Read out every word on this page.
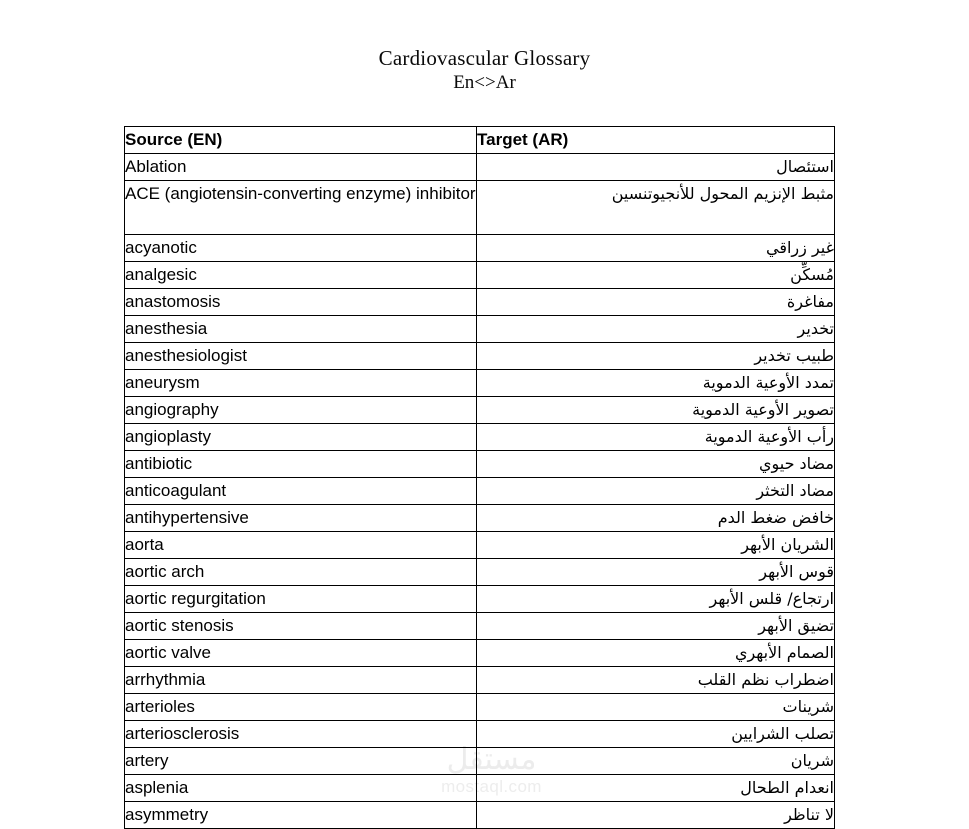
Cardiovascular Glossary
En<>Ar
مستقل
mostaql.com
Source (EN)	Target (AR)
Ablation	استئصال
ACE (angiotensin-converting enzyme) inhibitor	مثبط الإنزيم المحول للأنجيوتنسين
acyanotic	غير زراقي
analgesic	مُسكِّن
anastomosis	مفاغرة
anesthesia	تخدير
anesthesiologist	طبيب تخدير
aneurysm	تمدد الأوعية الدموية
angiography	تصوير الأوعية الدموية
angioplasty	رأب الأوعية الدموية
antibiotic	مضاد حيوي
anticoagulant	مضاد التخثر
antihypertensive	خافض ضغط الدم
aorta	الشريان الأبهر
aortic arch	قوس الأبهر
aortic regurgitation	ارتجاع/ قلس الأبهر
aortic stenosis	تضيق الأبهر
aortic valve	الصمام الأبهري
arrhythmia	اضطراب نظم القلب
arterioles	شرينات
arteriosclerosis	تصلب الشرايين
artery	شريان
asplenia	انعدام الطحال
asymmetry	لا تناظر
